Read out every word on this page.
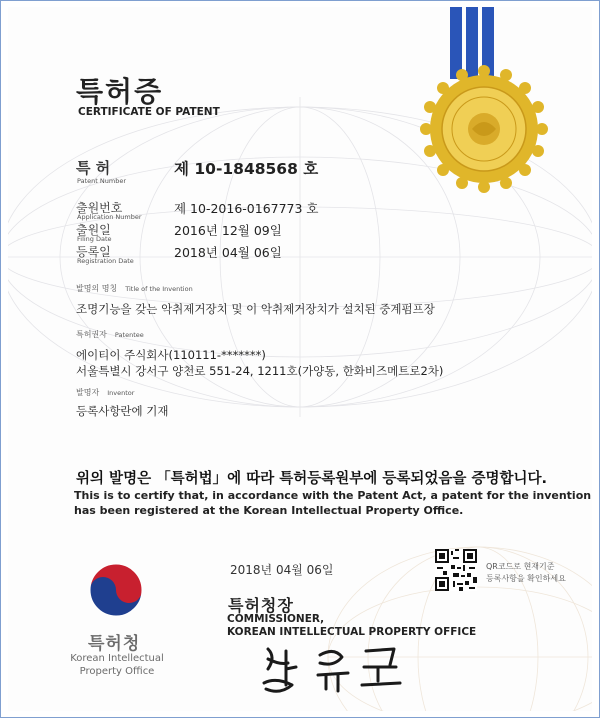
특허증
CERTIFICATE OF PATENT
특 허
Patent Number
제 10-1848568 호
출원번호
Application Number
제 10-2016-0167773 호
출원일
Filing Date
2016년 12월 09일
등록일
Registration Date
2018년 04월 06일
발명의 명칭 Title of the Invention
조명기능을 갖는 악취제거장치 및 이 악취제거장치가 설치된 중계펌프장
특허권자 Patentee
에이티이 주식회사(110111-*******)
서울특별시 강서구 양천로 551-24, 1211호(가양동, 한화비즈메트로2차)
발명자 Inventor
등록사항란에 기재
위의 발명은 「특허법」에 따라 특허등록원부에 등록되었음을 증명합니다.
This is to certify that, in accordance with the Patent Act, a patent for the invention
has been registered at the Korean Intellectual Property Office.
2018년 04월 06일	QR코드로 현재기준
등록사항을 확인하세요
특허청장
COMMISSIONER,
KOREAN INTELLECTUAL PROPERTY OFFICE
특허청
Korean Intellectual
Property Office
